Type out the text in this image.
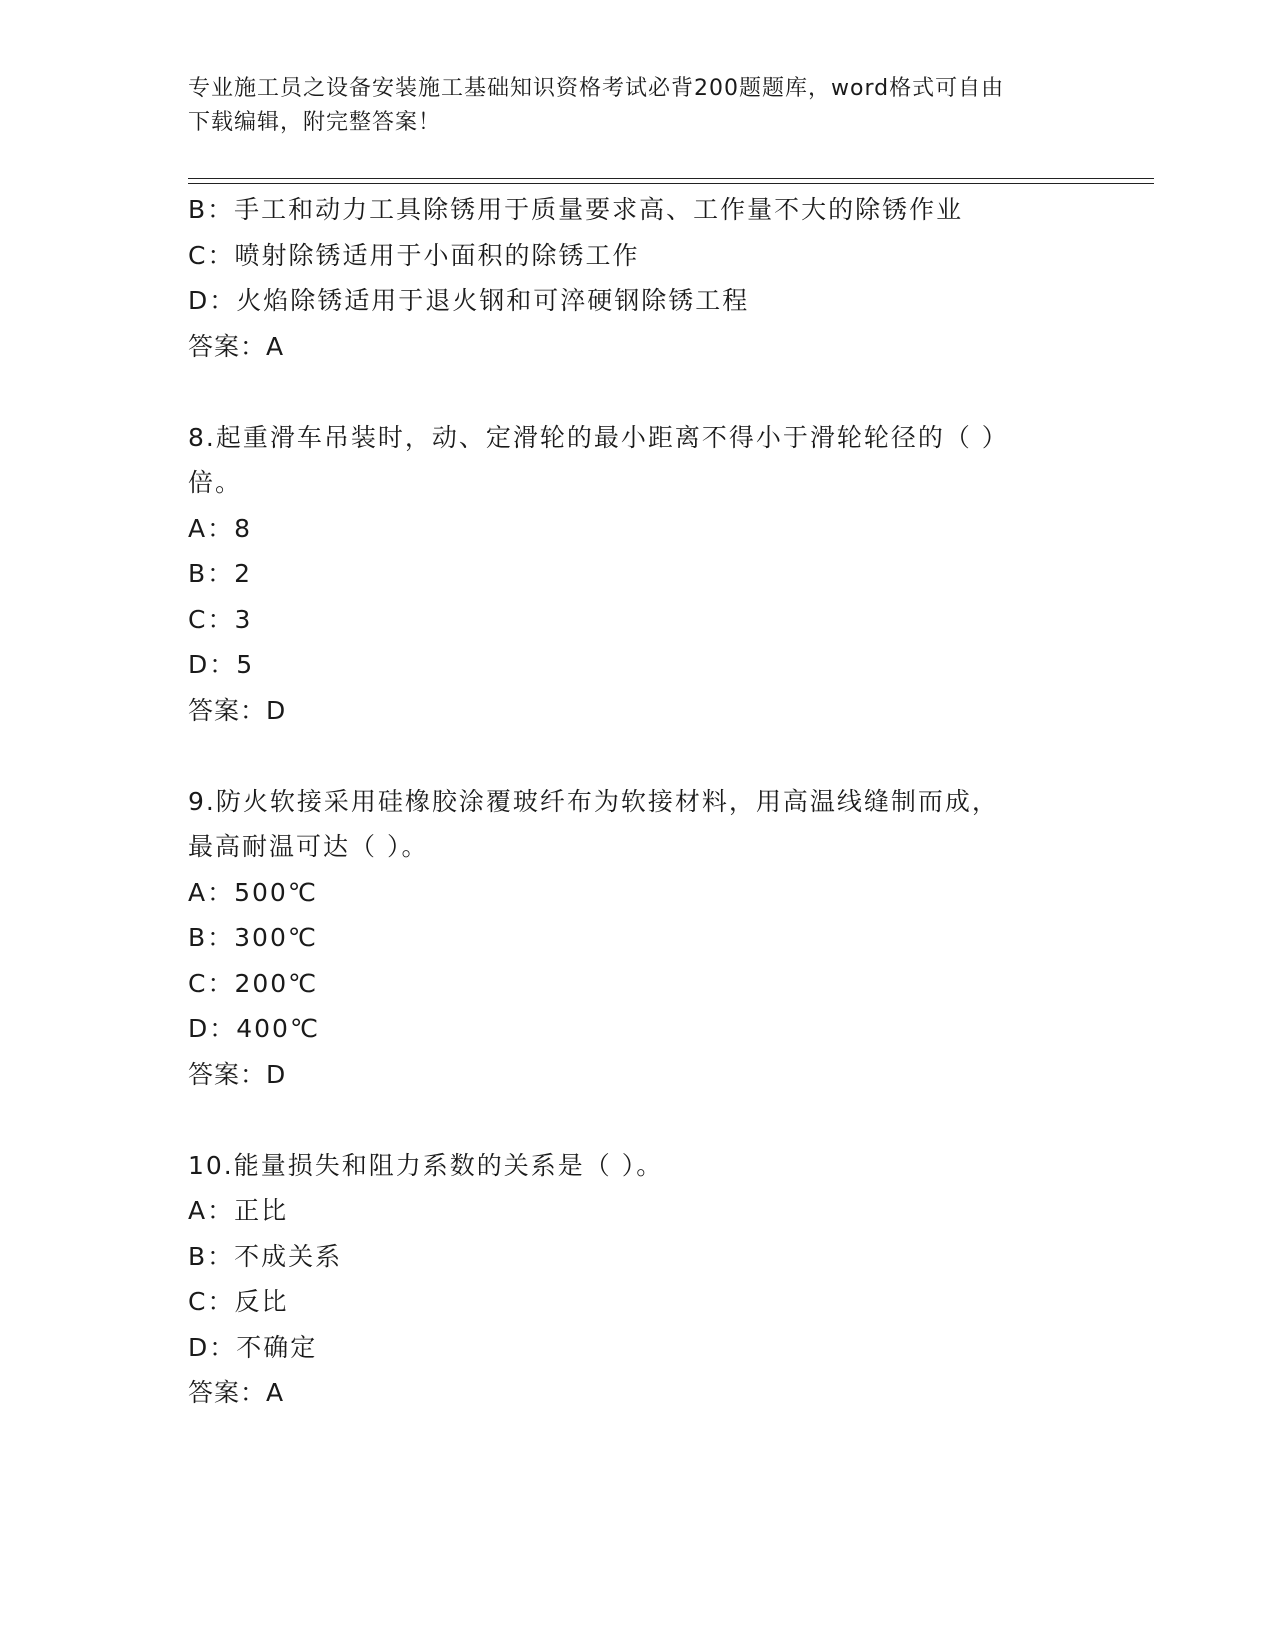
专业施工员之设备安装施工基础知识资格考试必背200题题库，word格式可自由
下载编辑，附完整答案！
B：手工和动力工具除锈用于质量要求高、工作量不大的除锈作业
C：喷射除锈适用于小面积的除锈工作
D：火焰除锈适用于退火钢和可淬硬钢除锈工程
答案：A
8.起重滑车吊装时，动、定滑轮的最小距离不得小于滑轮轮径的（ ）
倍。
A：8
B：2
C：3
D：5
答案：D
9.防火软接采用硅橡胶涂覆玻纤布为软接材料，用高温线缝制而成，
最高耐温可达（ ）。
A：500℃
B：300℃
C：200℃
D：400℃
答案：D
10.能量损失和阻力系数的关系是（ ）。
A：正比
B：不成关系
C：反比
D：不确定
答案：A
